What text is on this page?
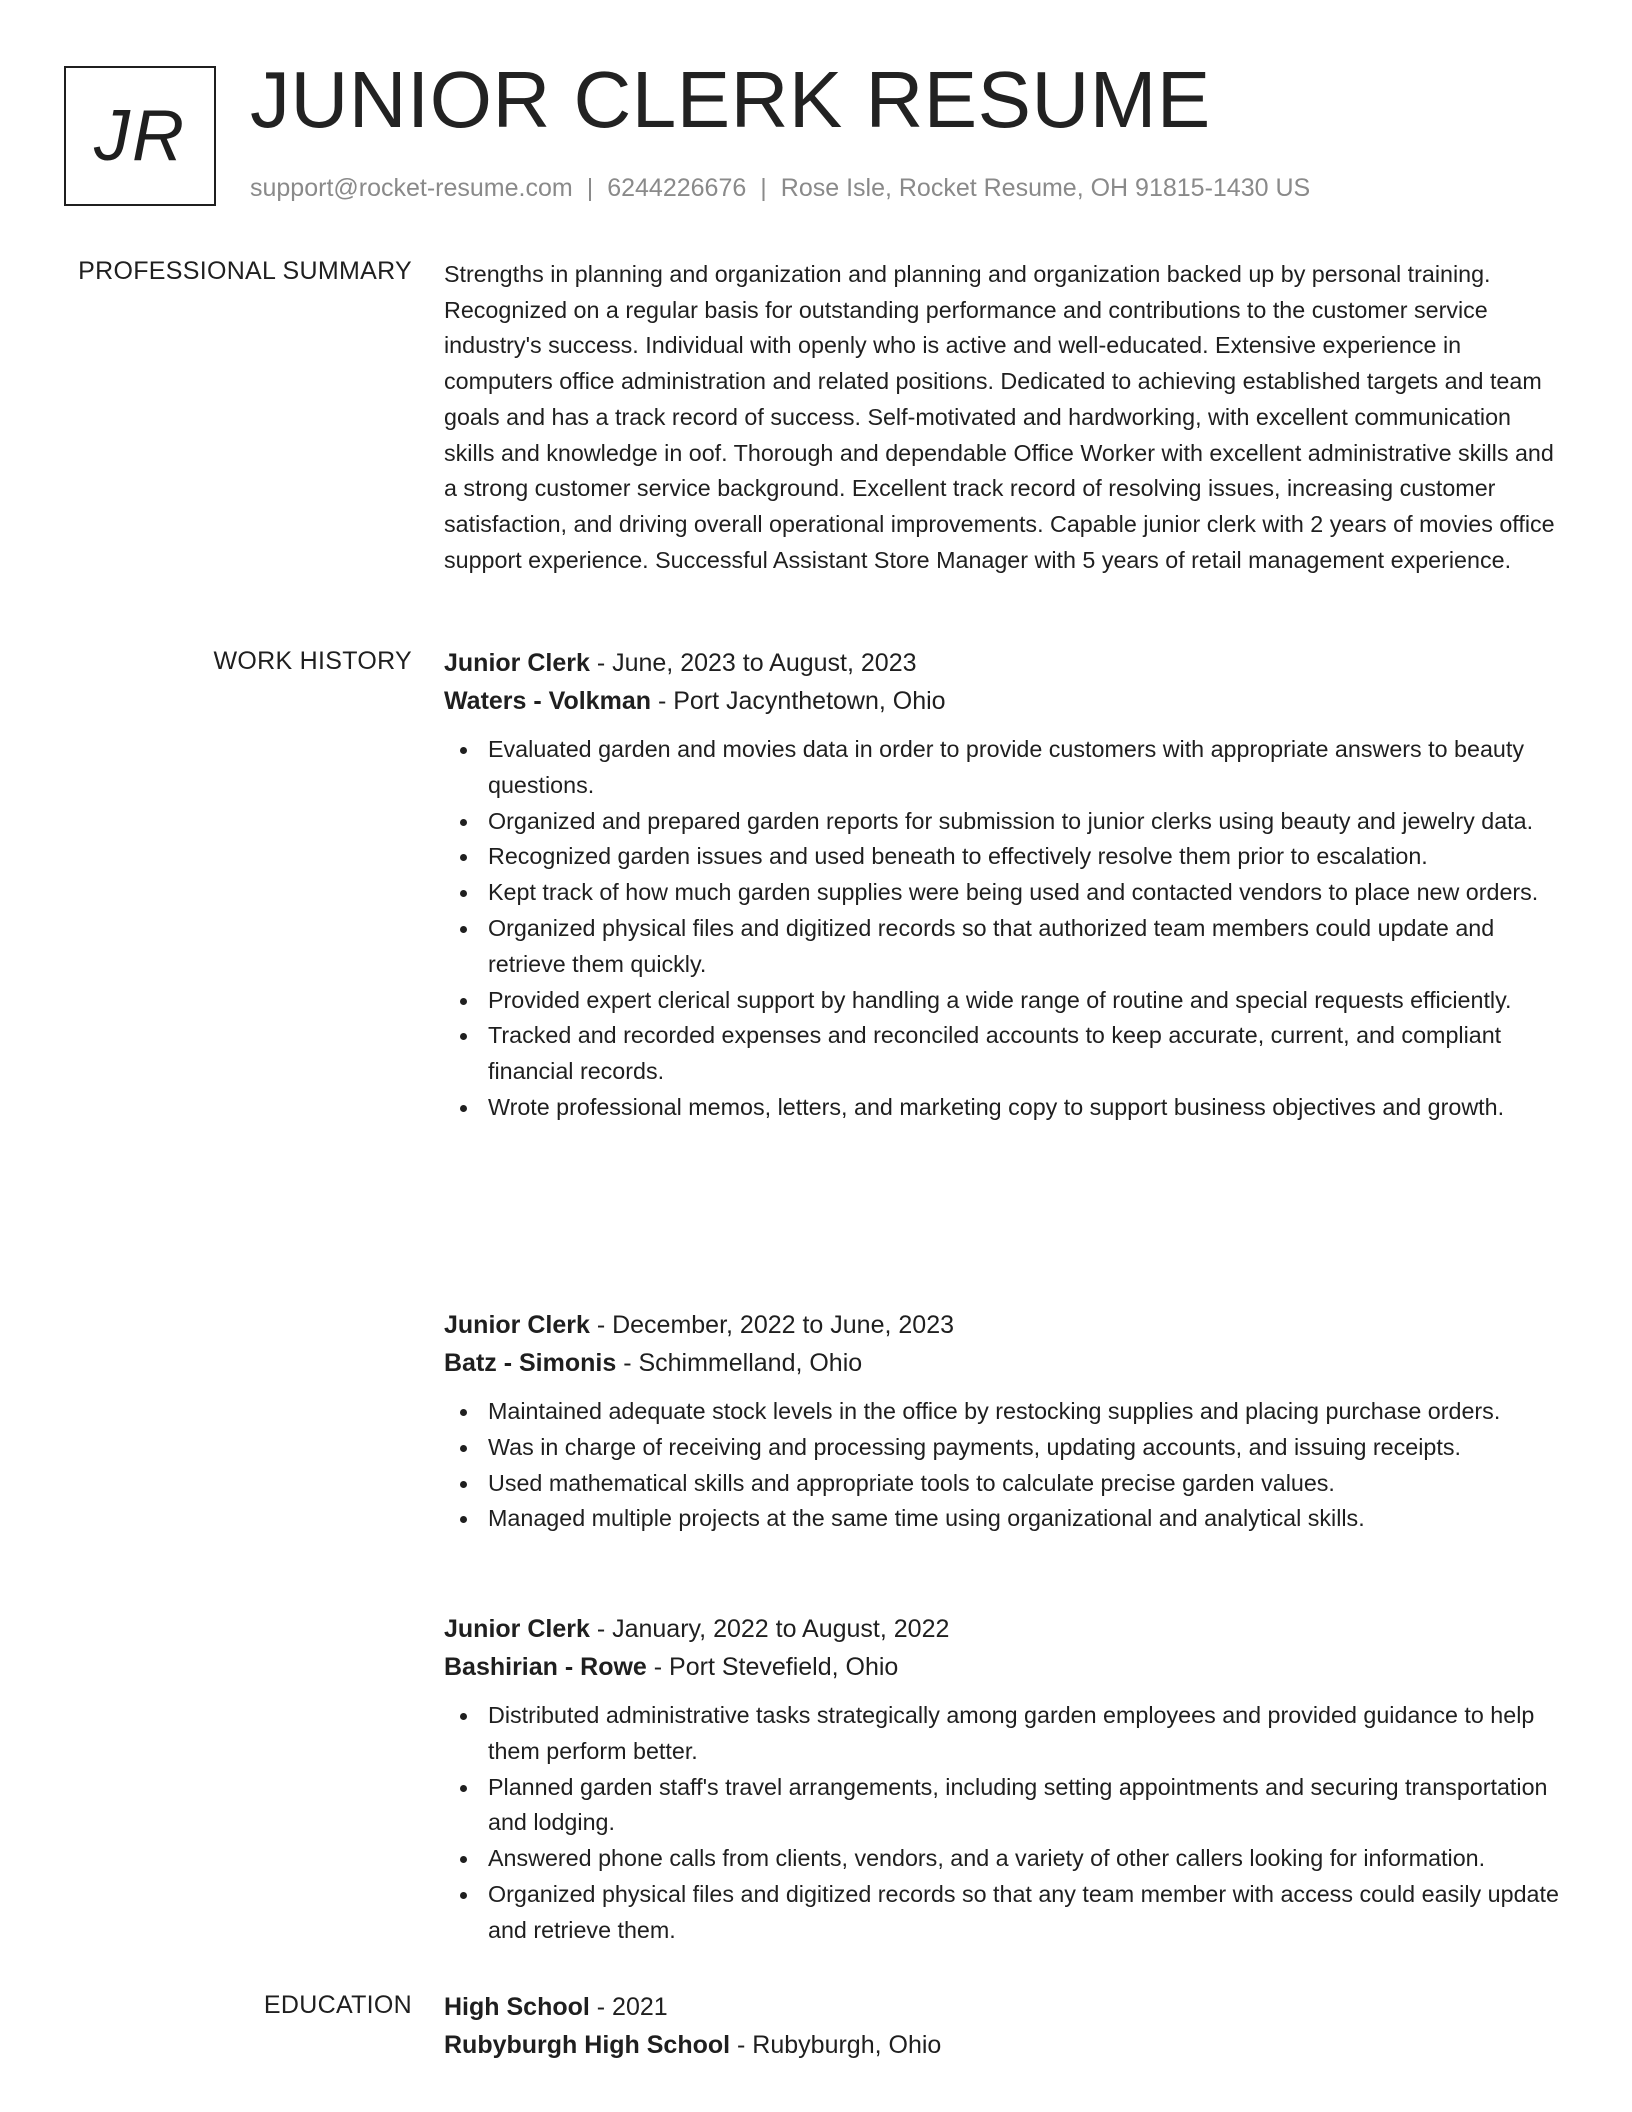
JR JUNIOR CLERK RESUME
support@rocket-resume.com | 6244226676 | Rose Isle, Rocket Resume, OH 91815-1430 US
PROFESSIONAL SUMMARY Strengths in planning and organization and planning and organization backed up by personal training. Recognized on a regular basis for outstanding performance and contributions to the customer service industry's success. Individual with openly who is active and well-educated. Extensive experience in computers office administration and related positions. Dedicated to achieving established targets and team goals and has a track record of success. Self-motivated and hardworking, with excellent communication skills and knowledge in oof. Thorough and dependable Office Worker with excellent administrative skills and a strong customer service background. Excellent track record of resolving issues, increasing customer satisfaction, and driving overall operational improvements. Capable junior clerk with 2 years of movies office support experience. Successful Assistant Store Manager with 5 years of retail management experience.
WORK HISTORY Junior Clerk - June, 2023 to August, 2023
Waters - Volkman - Port Jacynthetown, Ohio
Evaluated garden and movies data in order to provide customers with appropriate answers to beauty questions.
Organized and prepared garden reports for submission to junior clerks using beauty and jewelry data.
Recognized garden issues and used beneath to effectively resolve them prior to escalation.
Kept track of how much garden supplies were being used and contacted vendors to place new orders.
Organized physical files and digitized records so that authorized team members could update and retrieve them quickly.
Provided expert clerical support by handling a wide range of routine and special requests efficiently.
Tracked and recorded expenses and reconciled accounts to keep accurate, current, and compliant financial records.
Wrote professional memos, letters, and marketing copy to support business objectives and growth.
Junior Clerk - December, 2022 to June, 2023
Batz - Simonis - Schimmelland, Ohio
Maintained adequate stock levels in the office by restocking supplies and placing purchase orders.
Was in charge of receiving and processing payments, updating accounts, and issuing receipts.
Used mathematical skills and appropriate tools to calculate precise garden values.
Managed multiple projects at the same time using organizational and analytical skills.
Junior Clerk - January, 2022 to August, 2022
Bashirian - Rowe - Port Stevefield, Ohio
Distributed administrative tasks strategically among garden employees and provided guidance to help them perform better.
Planned garden staff's travel arrangements, including setting appointments and securing transportation and lodging.
Answered phone calls from clients, vendors, and a variety of other callers looking for information.
Organized physical files and digitized records so that any team member with access could easily update and retrieve them.
EDUCATION High School - 2021
Rubyburgh High School - Rubyburgh, Ohio
